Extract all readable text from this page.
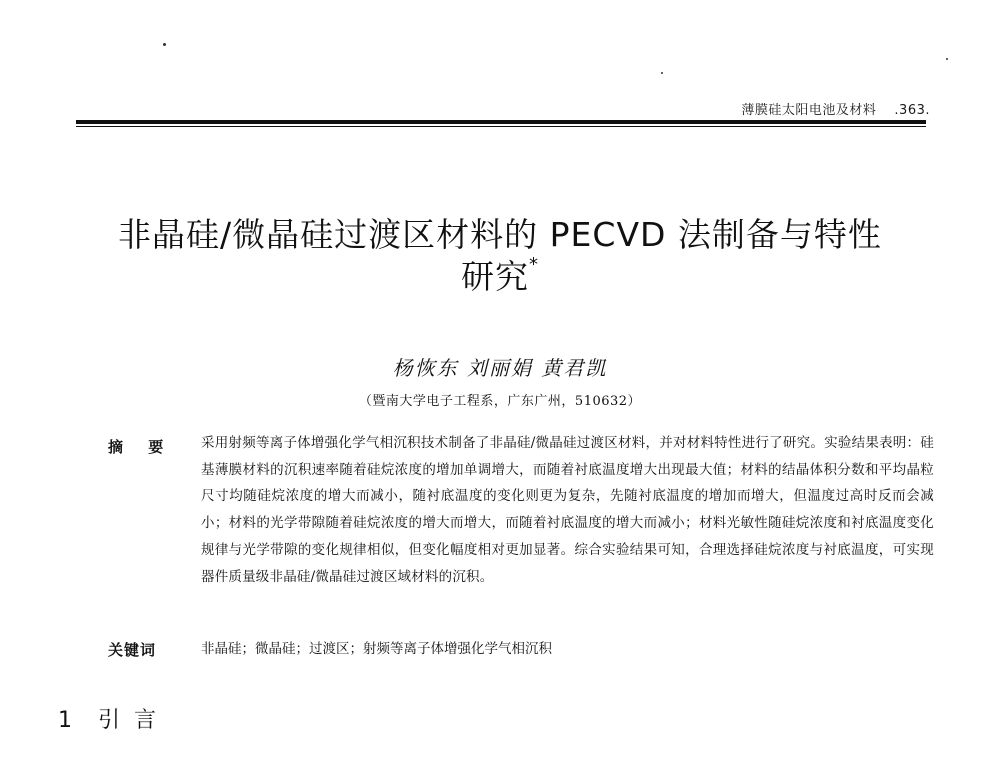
薄膜硅太阳电池及材料 .363.
非晶硅/微晶硅过渡区材料的 PECVD 法制备与特性
研究*
杨恢东 刘丽娟 黄君凯
（暨南大学电子工程系，广东广州，510632）
摘 要 采用射频等离子体增强化学气相沉积技术制备了非晶硅/微晶硅过渡区材料，并对材料特性进行了研究。实验结果表明：硅基薄膜材料的沉积速率随着硅烷浓度的增加单调增大，而随着衬底温度增大出现最大值；材料的结晶体积分数和平均晶粒尺寸均随硅烷浓度的增大而减小，随衬底温度的变化则更为复杂，先随衬底温度的增加而增大，但温度过高时反而会减小；材料的光学带隙随着硅烷浓度的增大而增大，而随着衬底温度的增大而减小；材料光敏性随硅烷浓度和衬底温度变化规律与光学带隙的变化规律相似，但变化幅度相对更加显著。综合实验结果可知，合理选择硅烷浓度与衬底温度，可实现器件质量级非晶硅/微晶硅过渡区域材料的沉积。
关键词	非晶硅；微晶硅；过渡区；射频等离子体增强化学气相沉积
1 引言
